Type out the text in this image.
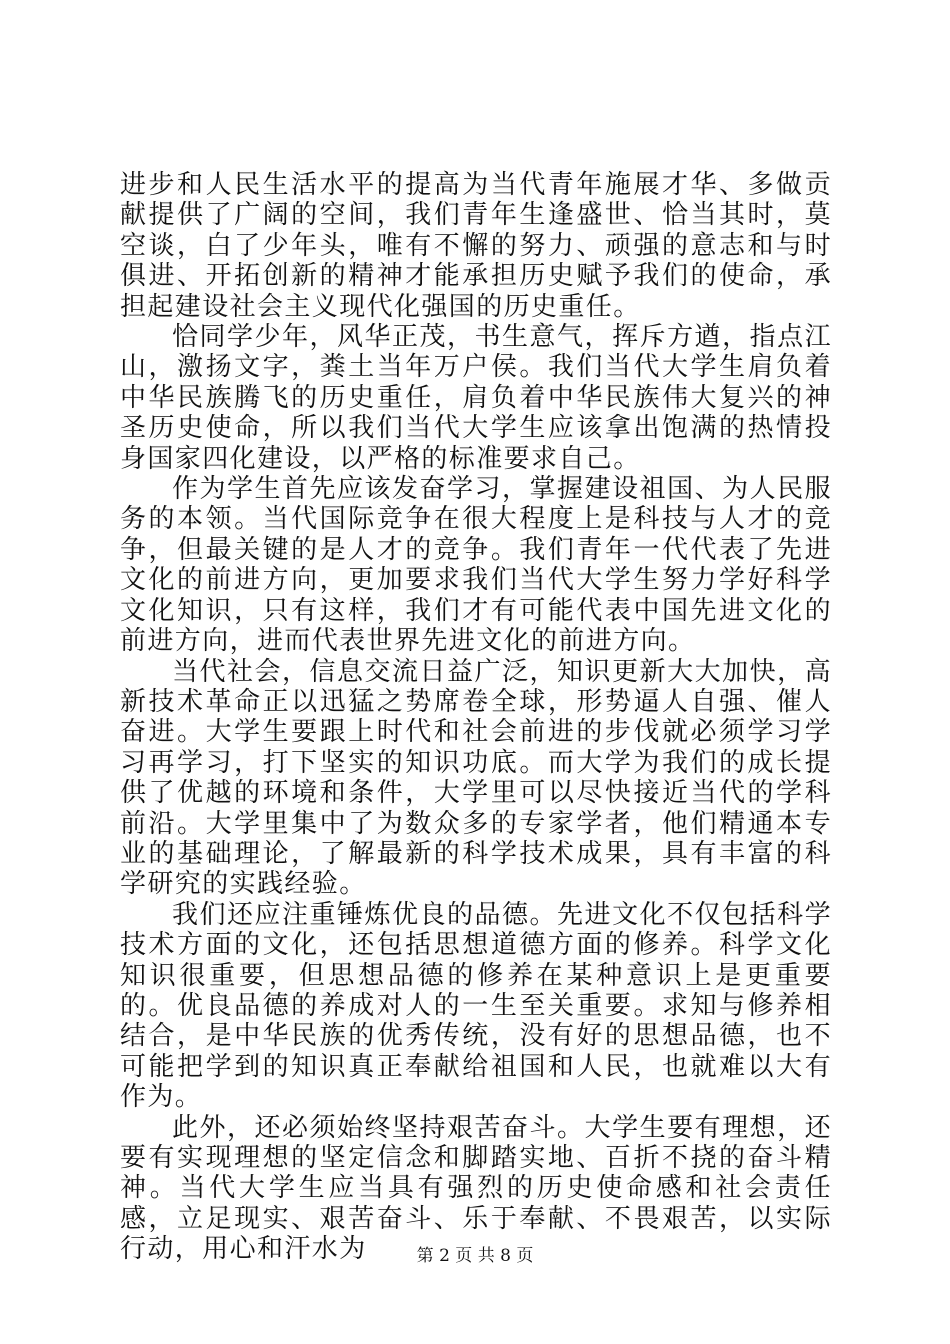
进步和人民生活水平的提高为当代青年施展才华、多做贡献提供了广阔的空间，我们青年生逢盛世、恰当其时，莫空谈，白了少年头，唯有不懈的努力、顽强的意志和与时俱进、开拓创新的精神才能承担历史赋予我们的使命，承担起建设社会主义现代化强国的历史重任。

恰同学少年，风华正茂，书生意气，挥斥方遒，指点江山，激扬文字，粪土当年万户侯。我们当代大学生肩负着中华民族腾飞的历史重任，肩负着中华民族伟大复兴的神圣历史使命，所以我们当代大学生应该拿出饱满的热情投身国家四化建设，以严格的标准要求自己。

作为学生首先应该发奋学习，掌握建设祖国、为人民服务的本领。当代国际竞争在很大程度上是科技与人才的竞争，但最关键的是人才的竞争。我们青年一代代表了先进文化的前进方向，更加要求我们当代大学生努力学好科学文化知识，只有这样，我们才有可能代表中国先进文化的前进方向，进而代表世界先进文化的前进方向。

当代社会，信息交流日益广泛，知识更新大大加快，高新技术革命正以迅猛之势席卷全球，形势逼人自强、催人奋进。大学生要跟上时代和社会前进的步伐就必须学习学习再学习，打下坚实的知识功底。而大学为我们的成长提供了优越的环境和条件，大学里可以尽快接近当代的学科前沿。大学里集中了为数众多的专家学者，他们精通本专业的基础理论，了解最新的科学技术成果，具有丰富的科学研究的实践经验。

我们还应注重锤炼优良的品德。先进文化不仅包括科学技术方面的文化，还包括思想道德方面的修养。科学文化知识很重要，但思想品德的修养在某种意识上是更重要的。优良品德的养成对人的一生至关重要。求知与修养相结合，是中华民族的优秀传统，没有好的思想品德，也不可能把学到的知识真正奉献给祖国和人民，也就难以大有作为。

此外，还必须始终坚持艰苦奋斗。大学生要有理想，还要有实现理想的坚定信念和脚踏实地、百折不挠的奋斗精神。当代大学生应当具有强烈的历史使命感和社会责任感，立足现实、艰苦奋斗、乐于奉献、不畏艰苦，以实际行动，用心和汗水为	第 2 页 共 8 页
